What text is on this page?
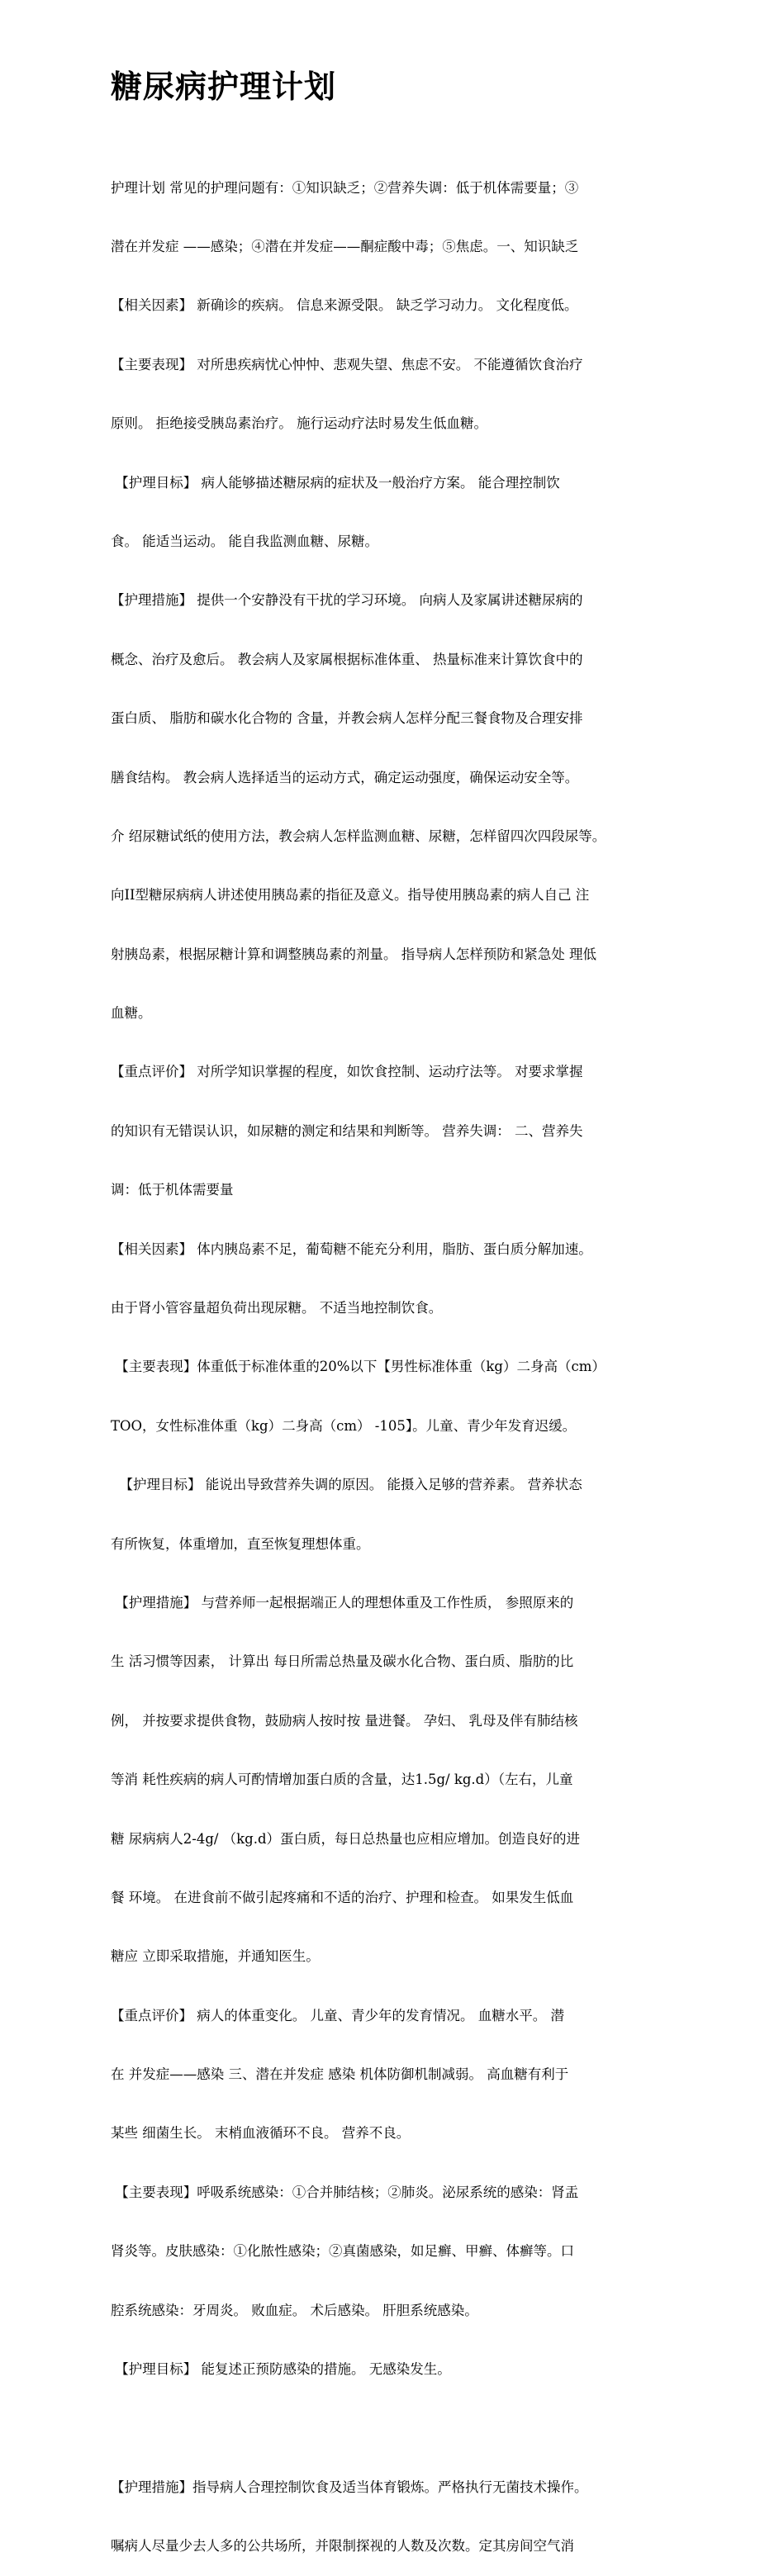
糖尿病护理计划

护理计划 常见的护理问题有：①知识缺乏；②营养失调：低于机体需要量；③

潜在并发症 ——感染；④潜在并发症——酮症酸中毒；⑤焦虑。一、知识缺乏

【相关因素】 新确诊的疾病。 信息来源受限。 缺乏学习动力。 文化程度低。

【主要表现】 对所患疾病忧心忡忡、悲观失望、焦虑不安。 不能遵循饮食治疗

原则。 拒绝接受胰岛素治疗。 施行运动疗法时易发生低血糖。

【护理目标】 病人能够描述糖尿病的症状及一般治疗方案。 能合理控制饮

食。 能适当运动。 能自我监测血糖、尿糖。

【护理措施】 提供一个安静没有干扰的学习环境。 向病人及家属讲述糖尿病的

概念、治疗及愈后。 教会病人及家属根据标准体重、 热量标准来计算饮食中的

蛋白质、 脂肪和碳水化合物的 含量，并教会病人怎样分配三餐食物及合理安排

膳食结构。 教会病人选择适当的运动方式，确定运动强度，确保运动安全等。

介 绍尿糖试纸的使用方法，教会病人怎样监测血糖、尿糖，怎样留四次四段尿等。

向II型糖尿病病人讲述使用胰岛素的指征及意义。指导使用胰岛素的病人自己 注

射胰岛素，根据尿糖计算和调整胰岛素的剂量。 指导病人怎样预防和紧急处 理低

血糖。

【重点评价】 对所学知识掌握的程度，如饮食控制、运动疗法等。 对要求掌握

的知识有无错误认识，如尿糖的测定和结果和判断等。 营养失调： 二、营养失

调：低于机体需要量

【相关因素】 体内胰岛素不足，葡萄糖不能充分利用，脂肪、蛋白质分解加速。

由于肾小管容量超负荷出现尿糖。 不适当地控制饮食。

【主要表现】体重低于标准体重的20%以下【男性标准体重（kg）二身高（cm）

TOO，女性标准体重（kg）二身高（cm） -105】。儿童、青少年发育迟缓。

【护理目标】 能说出导致营养失调的原因。 能摄入足够的营养素。 营养状态

有所恢复，体重增加，直至恢复理想体重。

【护理措施】 与营养师一起根据端正人的理想体重及工作性质， 参照原来的

生 活习惯等因素， 计算出 每日所需总热量及碳水化合物、蛋白质、脂肪的比

例， 并按要求提供食物，鼓励病人按时按 量进餐。 孕妇、 乳母及伴有肺结核

等消 耗性疾病的病人可酌情增加蛋白质的含量，达1.5g/ kg.d）（左右，儿童

糖 尿病病人2-4g/ （kg.d）蛋白质，每日总热量也应相应增加。创造良好的进

餐 环境。 在进食前不做引起疼痛和不适的治疗、护理和检查。 如果发生低血

糖应 立即采取措施，并通知医生。

【重点评价】 病人的体重变化。 儿童、青少年的发育情况。 血糖水平。 潜

在 并发症——感染 三、潜在并发症 感染 机体防御机制减弱。 高血糖有利于

某些 细菌生长。 末梢血液循环不良。 营养不良。

【主要表现】呼吸系统感染：①合并肺结核；②肺炎。泌尿系统的感染：肾盂

肾炎等。皮肤感染：①化脓性感染；②真菌感染，如足癣、甲癣、体癣等。口

腔系统感染：牙周炎。 败血症。 术后感染。 肝胆系统感染。

【护理目标】 能复述正预防感染的措施。 无感染发生。

【护理措施】指导病人合理控制饮食及适当体育锻炼。严格执行无菌技术操作。

嘱病人尽量少去人多的公共场所，并限制探视的人数及次数。定其房间空气消
